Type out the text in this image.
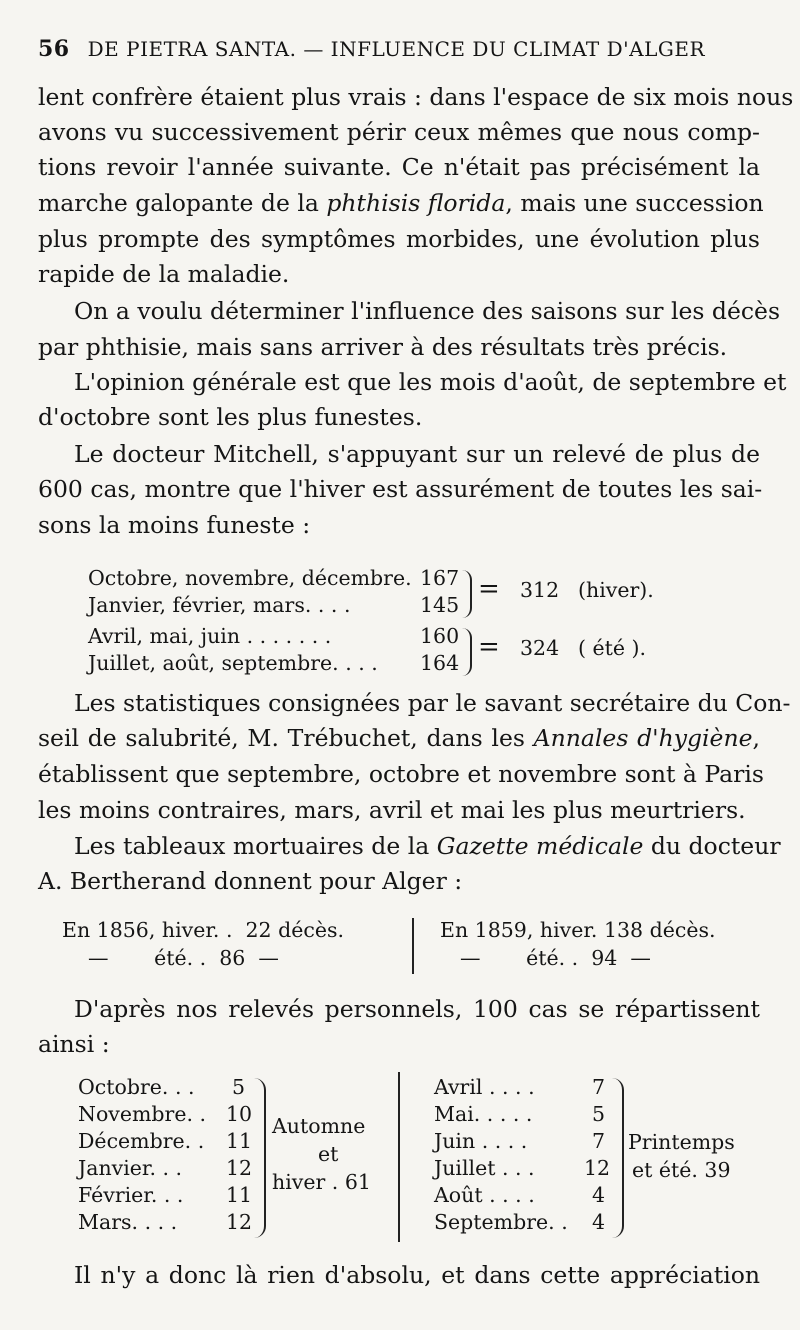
56 DE PIETRA SANTA. — INFLUENCE DU CLIMAT D'ALGER
lent confrère étaient plus vrais : dans l'espace de six mois nous
avons vu successivement périr ceux mêmes que nous comp-
tions revoir l'année suivante. Ce n'était pas précisément la
marche galopante de la phthisis florida, mais une succession
plus prompte des symptômes morbides, une évolution plus
rapide de la maladie.
On a voulu déterminer l'influence des saisons sur les décès
par phthisie, mais sans arriver à des résultats très précis.
L'opinion générale est que les mois d'août, de septembre et
d'octobre sont les plus funestes.
Le docteur Mitchell, s'appuyant sur un relevé de plus de
600 cas, montre que l'hiver est assurément de toutes les sai-
sons la moins funeste :
Octobre, novembre, décembre. 167
Janvier, février, mars. . . .	145
= 312 (hiver).
Avril, mai, juin . . . . . . .	160
Juillet, août, septembre. . . . 164
= 324 ( été ).
Les statistiques consignées par le savant secrétaire du Con-
seil de salubrité, M. Trébuchet, dans les Annales d'hygiène,
établissent que septembre, octobre et novembre sont à Paris
les moins contraires, mars, avril et mai les plus meurtriers.
Les tableaux mortuaires de la Gazette médicale du docteur
A. Bertherand donnent pour Alger :
En 1856, hiver. .  22 décès.
—       été. .  86  —
En 1859, hiver. 138 décès.
—       été. .  94  —
D'après nos relevés personnels, 100 cas se répartissent
ainsi :
Octobre. . . 5
Novembre. . 10
Décembre. . 11
Janvier. . . 12
Février. . . 11
Mars. . . . 12
Automne
et
hiver . 61
Avril . . . .	7
Mai. . . . .	5
Juin . . . .	7
Juillet . . . 12
Août . . . .	4
Septembre. . 4
Printemps
et été. 39
Il n'y a donc là rien d'absolu, et dans cette appréciation
